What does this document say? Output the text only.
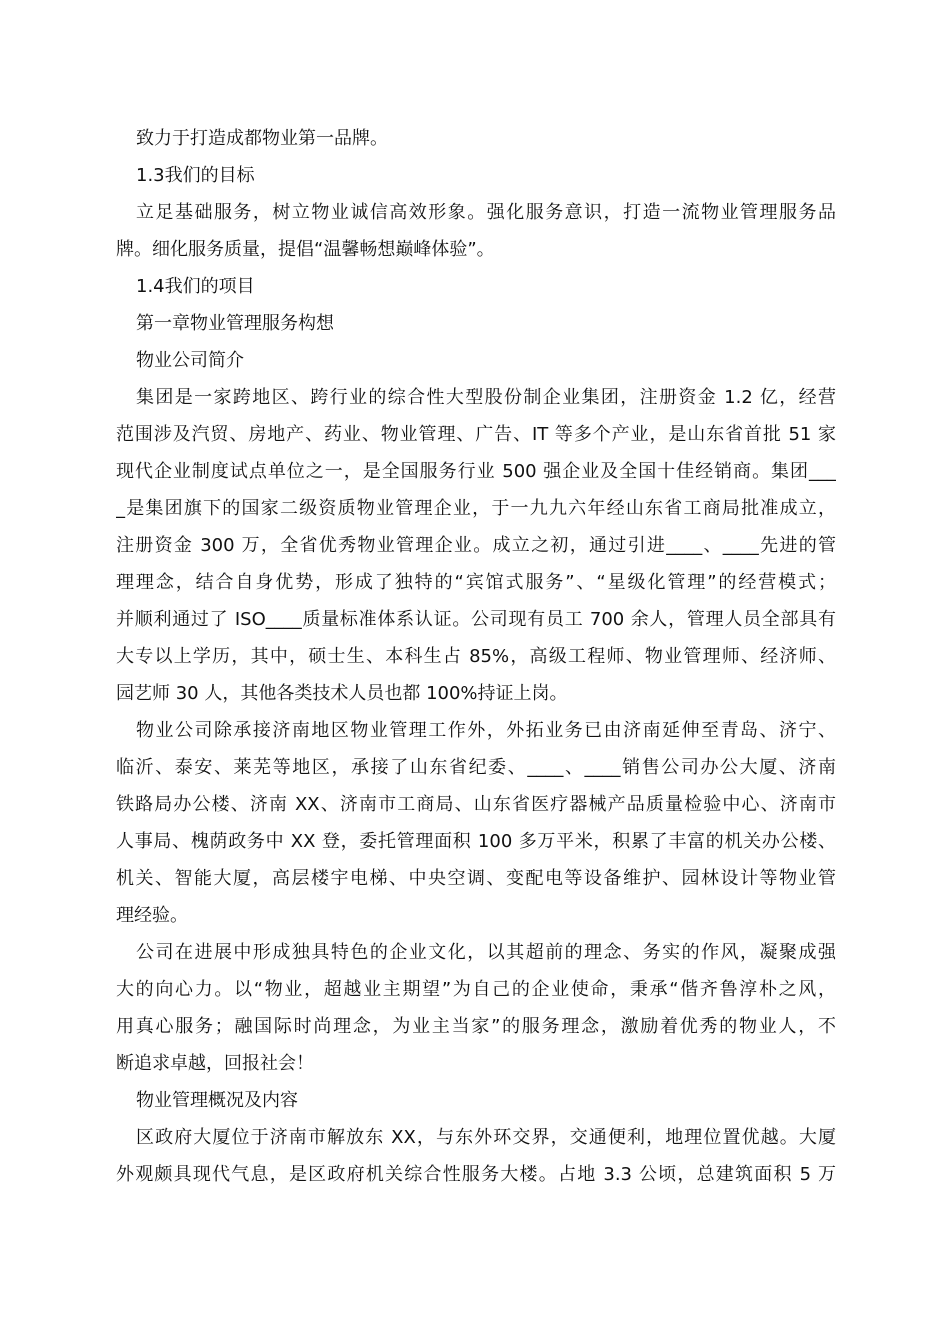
致力于打造成都物业第一品牌。
1.3我们的目标
立足基础服务，树立物业诚信高效形象。强化服务意识，打造一流物业管理服务品
牌。细化服务质量，提倡“温馨畅想巅峰体验”。
1.4我们的项目
第一章物业管理服务构想
物业公司简介
集团是一家跨地区、跨行业的综合性大型股份制企业集团，注册资金 1.2 亿，经营
范围涉及汽贸、房地产、药业、物业管理、广告、IT 等多个产业，是山东省首批 51 家
现代企业制度试点单位之一，是全国服务行业 500 强企业及全国十佳经销商。集团___
_是集团旗下的国家二级资质物业管理企业，于一九九六年经山东省工商局批准成立，
注册资金 300 万，全省优秀物业管理企业。成立之初，通过引进____、____先进的管
理理念，结合自身优势，形成了独特的“宾馆式服务”、“星级化管理”的经营模式；
并顺利通过了 ISO____质量标准体系认证。公司现有员工 700 余人，管理人员全部具有
大专以上学历，其中，硕士生、本科生占 85%，高级工程师、物业管理师、经济师、
园艺师 30 人，其他各类技术人员也都 100%持证上岗。
物业公司除承接济南地区物业管理工作外，外拓业务已由济南延伸至青岛、济宁、
临沂、泰安、莱芜等地区，承接了山东省纪委、____、____销售公司办公大厦、济南
铁路局办公楼、济南 XX、济南市工商局、山东省医疗器械产品质量检验中心、济南市
人事局、槐荫政务中 XX 登，委托管理面积 100 多万平米，积累了丰富的机关办公楼、
机关、智能大厦，高层楼宇电梯、中央空调、变配电等设备维护、园林设计等物业管
理经验。
公司在进展中形成独具特色的企业文化，以其超前的理念、务实的作风，凝聚成强
大的向心力。以“物业，超越业主期望”为自己的企业使命，秉承“偕齐鲁淳朴之风，
用真心服务；融国际时尚理念，为业主当家”的服务理念，激励着优秀的物业人，不
断追求卓越，回报社会！
物业管理概况及内容
区政府大厦位于济南市解放东 XX，与东外环交界，交通便利，地理位置优越。大厦
外观颇具现代气息，是区政府机关综合性服务大楼。占地 3.3 公顷，总建筑面积 5 万
